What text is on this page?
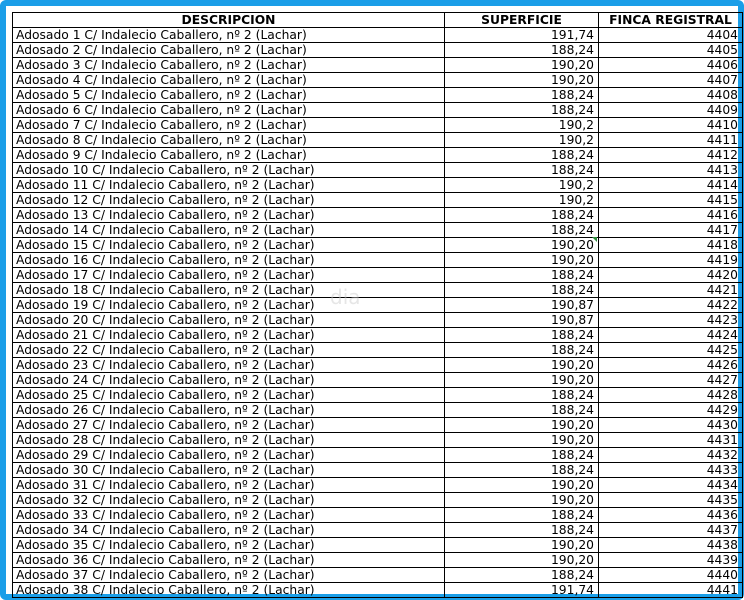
DESCRIPCION	SUPERFICIE	FINCA REGISTRAL
Adosado 1 C/ Indalecio Caballero, nº 2 (Lachar)	191,74	4404
Adosado 2 C/ Indalecio Caballero, nº 2 (Lachar)	188,24	4405
Adosado 3 C/ Indalecio Caballero, nº 2 (Lachar)	190,20	4406
Adosado 4 C/ Indalecio Caballero, nº 2 (Lachar)	190,20	4407
Adosado 5 C/ Indalecio Caballero, nº 2 (Lachar)	188,24	4408
Adosado 6 C/ Indalecio Caballero, nº 2 (Lachar)	188,24	4409
Adosado 7 C/ Indalecio Caballero, nº 2 (Lachar)	190,2	4410
Adosado 8 C/ Indalecio Caballero, nº 2 (Lachar)	190,2	4411
Adosado 9 C/ Indalecio Caballero, nº 2 (Lachar)	188,24	4412
Adosado 10 C/ Indalecio Caballero, nº 2 (Lachar)	188,24	4413
Adosado 11 C/ Indalecio Caballero, nº 2 (Lachar)	190,2	4414
Adosado 12 C/ Indalecio Caballero, nº 2 (Lachar)	190,2	4415
Adosado 13 C/ Indalecio Caballero, nº 2 (Lachar)	188,24	4416
Adosado 14 C/ Indalecio Caballero, nº 2 (Lachar)	188,24	4417
Adosado 15 C/ Indalecio Caballero, nº 2 (Lachar)	190,20	4418
Adosado 16 C/ Indalecio Caballero, nº 2 (Lachar)	190,20	4419
Adosado 17 C/ Indalecio Caballero, nº 2 (Lachar)	188,24	4420
Adosado 18 C/ Indalecio Caballero, nº 2 (Lachar)	188,24	4421
Adosado 19 C/ Indalecio Caballero, nº 2 (Lachar)	190,87	4422
Adosado 20 C/ Indalecio Caballero, nº 2 (Lachar)	190,87	4423
Adosado 21 C/ Indalecio Caballero, nº 2 (Lachar)	188,24	4424
Adosado 22 C/ Indalecio Caballero, nº 2 (Lachar)	188,24	4425
Adosado 23 C/ Indalecio Caballero, nº 2 (Lachar)	190,20	4426
Adosado 24 C/ Indalecio Caballero, nº 2 (Lachar)	190,20	4427
Adosado 25 C/ Indalecio Caballero, nº 2 (Lachar)	188,24	4428
Adosado 26 C/ Indalecio Caballero, nº 2 (Lachar)	188,24	4429
Adosado 27 C/ Indalecio Caballero, nº 2 (Lachar)	190,20	4430
Adosado 28 C/ Indalecio Caballero, nº 2 (Lachar)	190,20	4431
Adosado 29 C/ Indalecio Caballero, nº 2 (Lachar)	188,24	4432
Adosado 30 C/ Indalecio Caballero, nº 2 (Lachar)	188,24	4433
Adosado 31 C/ Indalecio Caballero, nº 2 (Lachar)	190,20	4434
Adosado 32 C/ Indalecio Caballero, nº 2 (Lachar)	190,20	4435
Adosado 33 C/ Indalecio Caballero, nº 2 (Lachar)	188,24	4436
Adosado 34 C/ Indalecio Caballero, nº 2 (Lachar)	188,24	4437
Adosado 35 C/ Indalecio Caballero, nº 2 (Lachar)	190,20	4438
Adosado 36 C/ Indalecio Caballero, nº 2 (Lachar)	190,20	4439
Adosado 37 C/ Indalecio Caballero, nº 2 (Lachar)	188,24	4440
Adosado 38 C/ Indalecio Caballero, nº 2 (Lachar)	191,74	4441
dia
